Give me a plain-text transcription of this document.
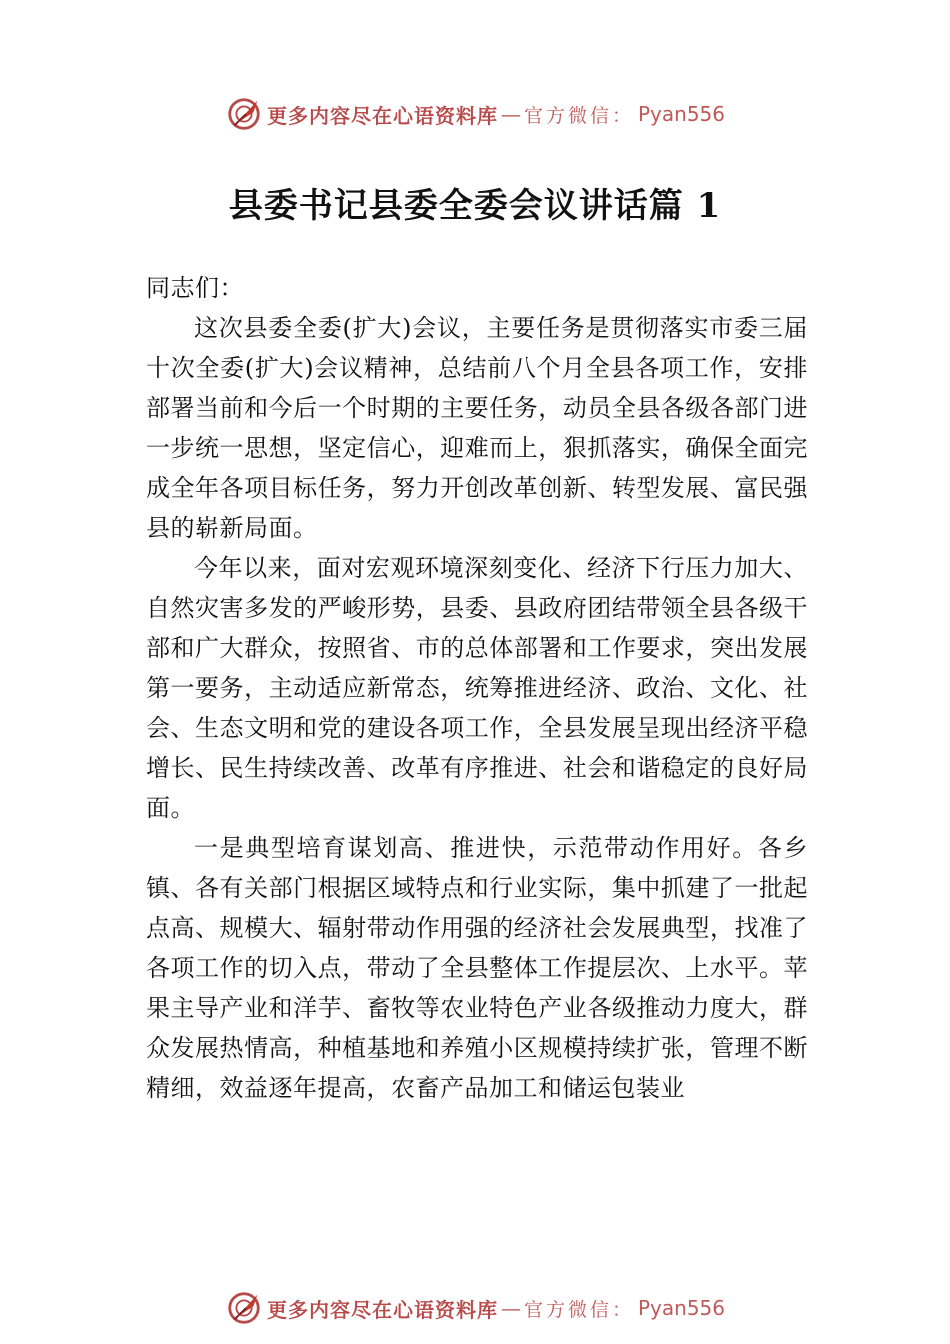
更多内容尽在心语资料库 — 官方微信： Pyan556
县委书记县委全委会议讲话篇 1

同志们：

这次县委全委(扩大)会议，主要任务是贯彻落实市委三届十次全委(扩大)会议精神，总结前八个月全县各项工作，安排部署当前和今后一个时期的主要任务，动员全县各级各部门进一步统一思想，坚定信心，迎难而上，狠抓落实，确保全面完成全年各项目标任务，努力开创改革创新、转型发展、富民强县的崭新局面。

今年以来，面对宏观环境深刻变化、经济下行压力加大、自然灾害多发的严峻形势，县委、县政府团结带领全县各级干部和广大群众，按照省、市的总体部署和工作要求，突出发展第一要务，主动适应新常态，统筹推进经济、政治、文化、社会、生态文明和党的建设各项工作，全县发展呈现出经济平稳增长、民生持续改善、改革有序推进、社会和谐稳定的良好局面。

一是典型培育谋划高、推进快，示范带动作用好。各乡镇、各有关部门根据区域特点和行业实际，集中抓建了一批起点高、规模大、辐射带动作用强的经济社会发展典型，找准了各项工作的切入点，带动了全县整体工作提层次、上水平。苹果主导产业和洋芋、畜牧等农业特色产业各级推动力度大，群众发展热情高，种植基地和养殖小区规模持续扩张，管理不断精细，效益逐年提高，农畜产品加工和储运包装业

更多内容尽在心语资料库 — 官方微信： Pyan556
